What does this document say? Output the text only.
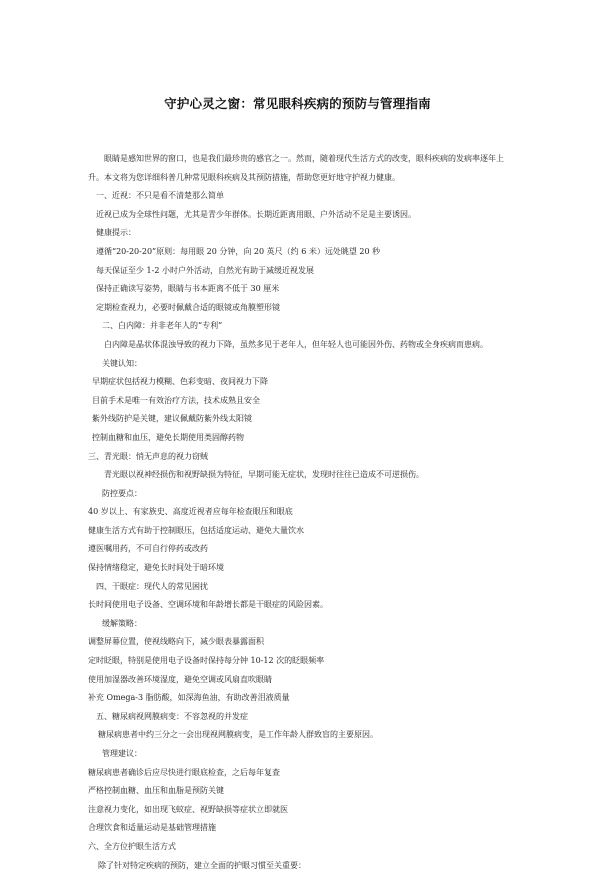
守护心灵之窗：常见眼科疾病的预防与管理指南

眼睛是感知世界的窗口，也是我们最珍贵的感官之一。然而，随着现代生活方式的改变，眼科疾病的发病率逐年上升。本文将为您详细科普几种常见眼科疾病及其预防措施，帮助您更好地守护视力健康。

一、近视：不只是看不清楚那么简单

近视已成为全球性问题，尤其是青少年群体。长期近距离用眼、户外活动不足是主要诱因。

健康提示：

遵循“20-20-20”原则：每用眼 20 分钟，向 20 英尺（约 6 米）远处眺望 20 秒

每天保证至少 1-2 小时户外活动，自然光有助于减缓近视发展

保持正确读写姿势，眼睛与书本距离不低于 30 厘米

定期检查视力，必要时佩戴合适的眼镜或角膜塑形镜

二、白内障：并非老年人的“专利”

白内障是晶状体混浊导致的视力下降，虽然多见于老年人，但年轻人也可能因外伤、药物或全身疾病而患病。

关键认知：

早期症状包括视力模糊、色彩变暗、夜间视力下降

目前手术是唯一有效治疗方法，技术成熟且安全

紫外线防护是关键，建议佩戴防紫外线太阳镜

控制血糖和血压，避免长期使用类固醇药物

三、青光眼：悄无声息的视力窃贼

青光眼以视神经损伤和视野缺损为特征，早期可能无症状，发现时往往已造成不可逆损伤。

防控要点：

40 岁以上、有家族史、高度近视者应每年检查眼压和眼底

健康生活方式有助于控制眼压，包括适度运动、避免大量饮水

遵医嘱用药，不可自行停药或改药

保持情绪稳定，避免长时间处于暗环境

四、干眼症：现代人的常见困扰

长时间使用电子设备、空调环境和年龄增长都是干眼症的风险因素。

缓解策略：

调整屏幕位置，使视线略向下，减少眼表暴露面积

定时眨眼，特别是使用电子设备时保持每分钟 10-12 次的眨眼频率

使用加湿器改善环境湿度，避免空调或风扇直吹眼睛

补充 Omega-3 脂肪酸，如深海鱼油，有助改善泪液质量

五、糖尿病视网膜病变：不容忽视的并发症

糖尿病患者中约三分之一会出现视网膜病变，是工作年龄人群致盲的主要原因。

管理建议：

糖尿病患者确诊后应尽快进行眼底检查，之后每年复查

严格控制血糖、血压和血脂是预防关键

注意视力变化，如出现飞蚊症、视野缺损等症状立即就医

合理饮食和适量运动是基础管理措施

六、全方位护眼生活方式

除了针对特定疾病的预防，建立全面的护眼习惯至关重要：
